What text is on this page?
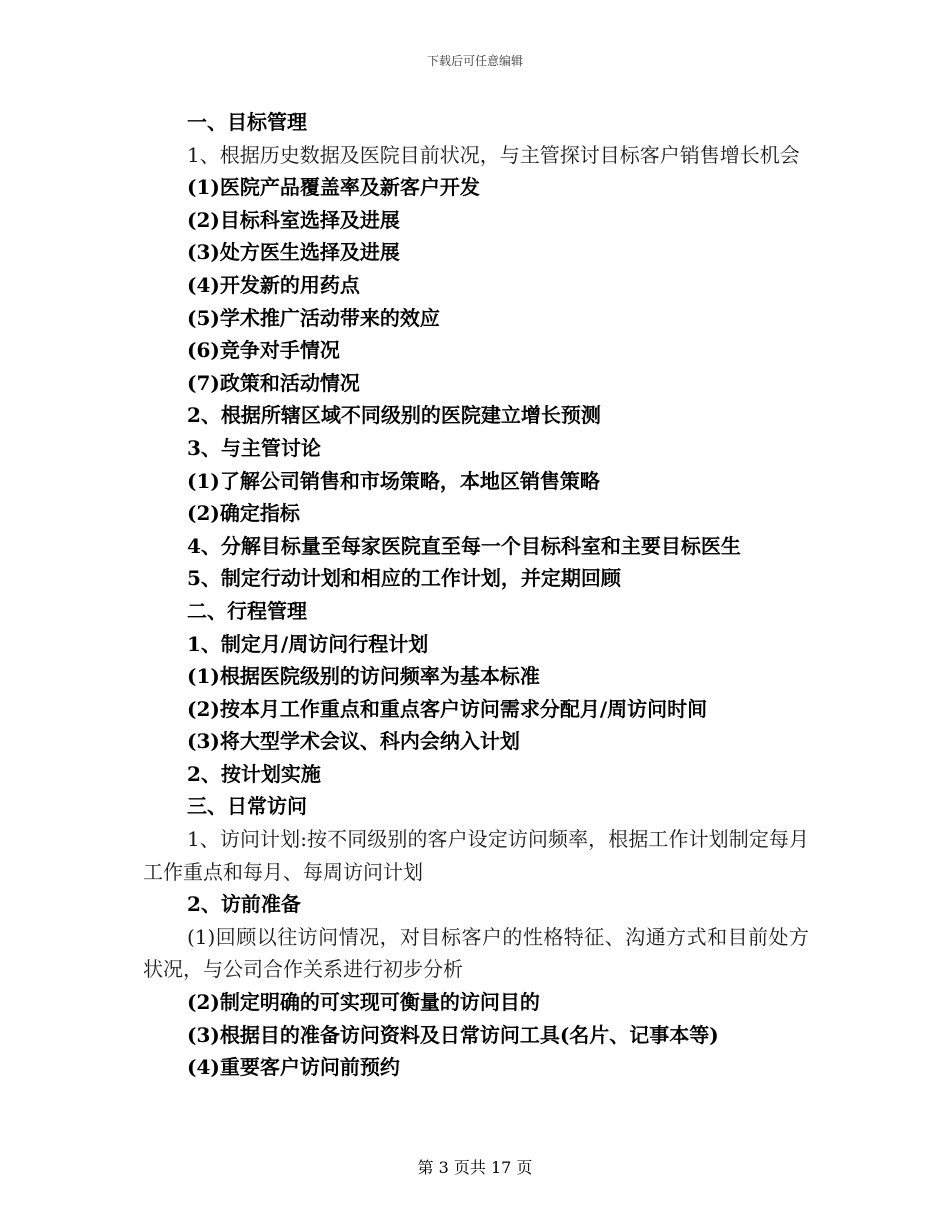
下载后可任意编辑
一、目标管理
1、根据历史数据及医院目前状况，与主管探讨目标客户销售增长机会
(1)医院产品覆盖率及新客户开发
(2)目标科室选择及进展
(3)处方医生选择及进展
(4)开发新的用药点
(5)学术推广活动带来的效应
(6)竞争对手情况
(7)政策和活动情况
2、根据所辖区域不同级别的医院建立增长预测
3、与主管讨论
(1)了解公司销售和市场策略，本地区销售策略
(2)确定指标
4、分解目标量至每家医院直至每一个目标科室和主要目标医生
5、制定行动计划和相应的工作计划，并定期回顾
二、行程管理
1、制定月/周访问行程计划
(1)根据医院级别的访问频率为基本标准
(2)按本月工作重点和重点客户访问需求分配月/周访问时间
(3)将大型学术会议、科内会纳入计划
2、按计划实施
三、日常访问
1、访问计划:按不同级别的客户设定访问频率，根据工作计划制定每月工作重点和每月、每周访问计划
2、访前准备
(1)回顾以往访问情况，对目标客户的性格特征、沟通方式和目前处方状况，与公司合作关系进行初步分析
(2)制定明确的可实现可衡量的访问目的
(3)根据目的准备访问资料及日常访问工具(名片、记事本等)
(4)重要客户访问前预约
第 3 页共 17 页
